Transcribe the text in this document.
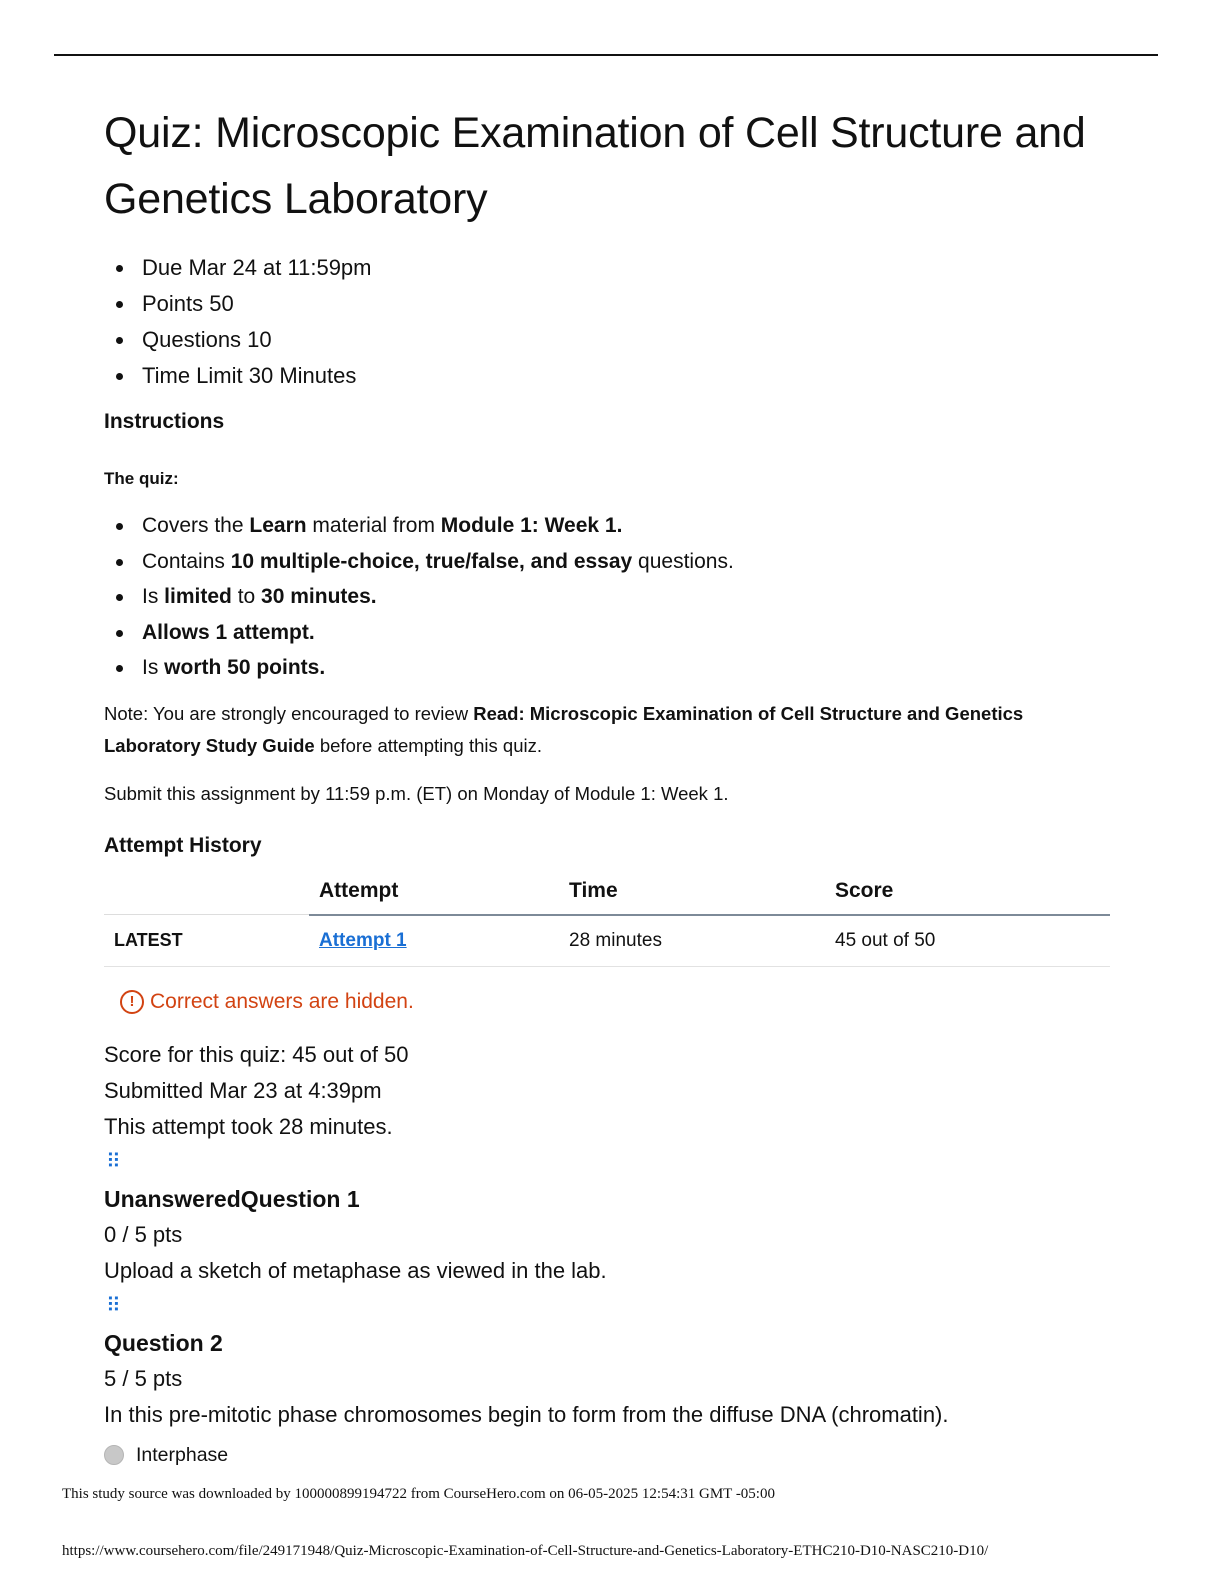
Quiz: Microscopic Examination of Cell Structure and Genetics Laboratory
Due Mar 24 at 11:59pm
Points 50
Questions 10
Time Limit 30 Minutes
Instructions
The quiz:
Covers the Learn material from Module 1: Week 1.
Contains 10 multiple-choice, true/false, and essay questions.
Is limited to 30 minutes.
Allows 1 attempt.
Is worth 50 points.
Note: You are strongly encouraged to review Read: Microscopic Examination of Cell Structure and Genetics Laboratory Study Guide before attempting this quiz.
Submit this assignment by 11:59 p.m. (ET) on Monday of Module 1: Week 1.
Attempt History
	Attempt	Time	Score
LATEST	Attempt 1	28 minutes	45 out of 50
! Correct answers are hidden.
Score for this quiz: 45 out of 50
Submitted Mar 23 at 4:39pm
This attempt took 28 minutes.
⠿
UnansweredQuestion 1
0 / 5 pts
Upload a sketch of metaphase as viewed in the lab.
⠿
Question 2
5 / 5 pts
In this pre-mitotic phase chromosomes begin to form from the diffuse DNA (chromatin).
Interphase
This study source was downloaded by 100000899194722 from CourseHero.com on 06-05-2025 12:54:31 GMT -05:00
https://www.coursehero.com/file/249171948/Quiz-Microscopic-Examination-of-Cell-Structure-and-Genetics-Laboratory-ETHC210-D10-NASC210-D10/
